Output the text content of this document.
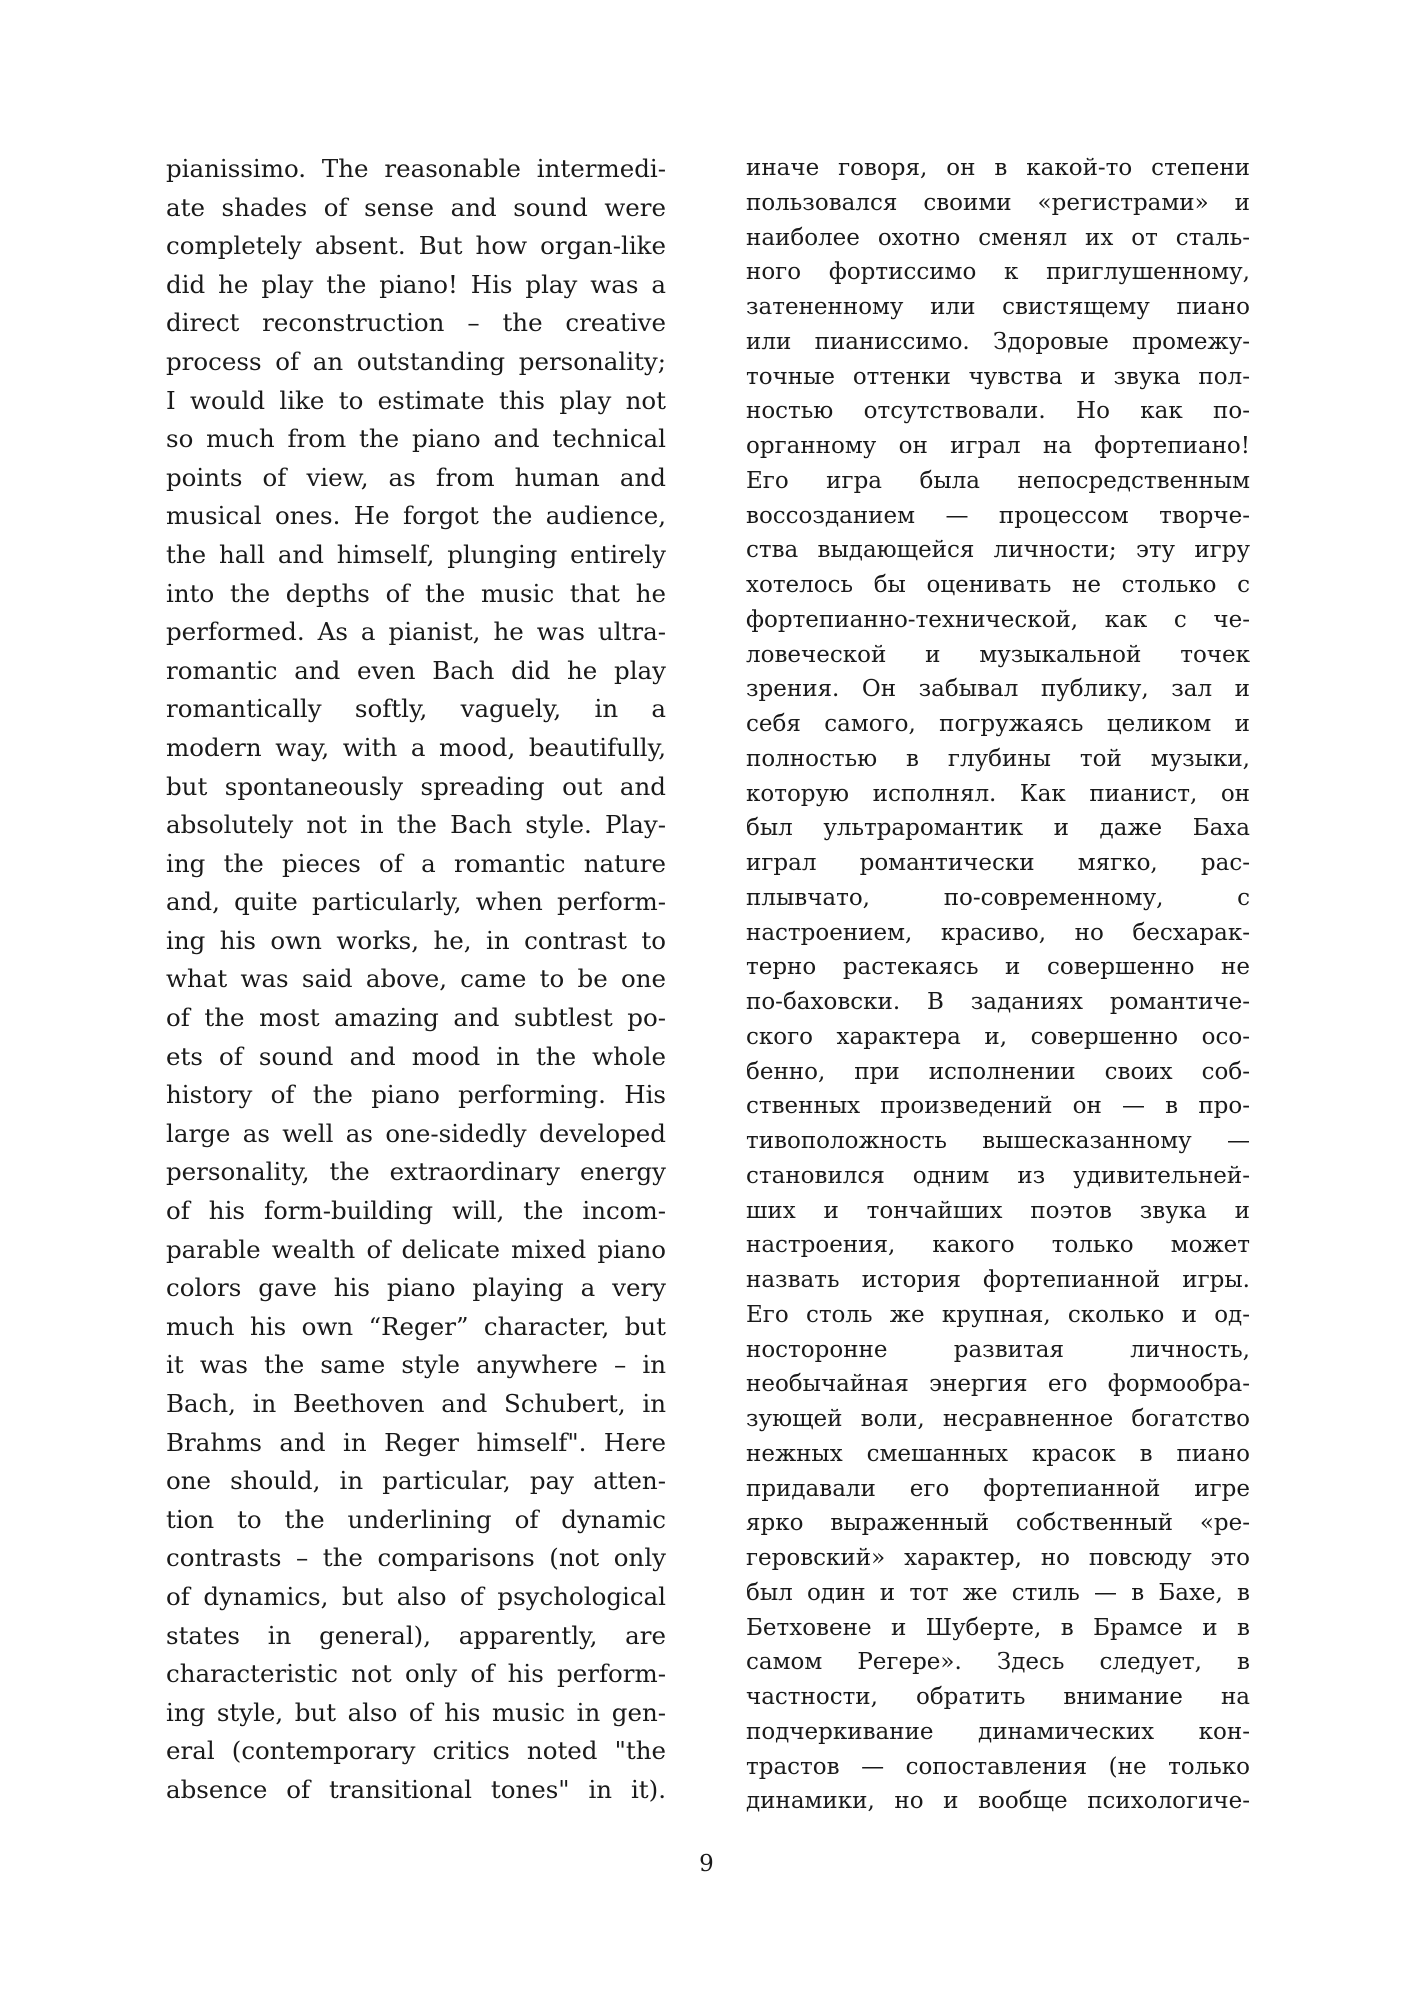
pianissimo. The reasonable intermedi-
ate shades of sense and sound were
completely absent. But how organ-like
did he play the piano! His play was a
direct reconstruction – the creative
process of an outstanding personality;
I would like to estimate this play not
so much from the piano and technical
points of view, as from human and
musical ones. He forgot the audience,
the hall and himself, plunging entirely
into the depths of the music that he
performed. As a pianist, he was ultra-
romantic and even Bach did he play
romantically softly, vaguely, in a
modern way, with a mood, beautifully,
but spontaneously spreading out and
absolutely not in the Bach style. Play-
ing the pieces of a romantic nature
and, quite particularly, when perform-
ing his own works, he, in contrast to
what was said above, came to be one
of the most amazing and subtlest po-
ets of sound and mood in the whole
history of the piano performing. His
large as well as one-sidedly developed
personality, the extraordinary energy
of his form-building will, the incom-
parable wealth of delicate mixed piano
colors gave his piano playing a very
much his own “Reger” character, but
it was the same style anywhere – in
Bach, in Beethoven and Schubert, in
Brahms and in Reger himself". Here
one should, in particular, pay atten-
tion to the underlining of dynamic
contrasts – the comparisons (not only
of dynamics, but also of psychological
states in general), apparently, are
characteristic not only of his perform-
ing style, but also of his music in gen-
eral (contemporary critics noted "the
absence of transitional tones" in it).
иначе говоря, он в какой-то степени
пользовался своими «регистрами» и
наиболее охотно сменял их от сталь-
ного фортиссимо к приглушенному,
затененному или свистящему пиано
или пианиссимо. Здоровые промежу-
точные оттенки чувства и звука пол-
ностью отсутствовали. Но как по-
органному он играл на фортепиано!
Его игра была непосредственным
воссозданием — процессом творче-
ства выдающейся личности; эту игру
хотелось бы оценивать не столько с
фортепианно-технической, как с че-
ловеческой и музыкальной точек
зрения. Он забывал публику, зал и
себя самого, погружаясь целиком и
полностью в глубины той музыки,
которую исполнял. Как пианист, он
был ультраромантик и даже Баха
играл романтически мягко, рас-
плывчато, по-современному, с
настроением, красиво, но бесхарак-
терно растекаясь и совершенно не
по-баховски. В заданиях романтиче-
ского характера и, совершенно осо-
бенно, при исполнении своих соб-
ственных произведений он — в про-
тивоположность вышесказанному —
становился одним из удивительней-
ших и тончайших поэтов звука и
настроения, какого только может
назвать история фортепианной игры.
Его столь же крупная, сколько и од-
носторонне развитая личность,
необычайная энергия его формообра-
зующей воли, несравненное богатство
нежных смешанных красок в пиано
придавали его фортепианной игре
ярко выраженный собственный «ре-
геровский» характер, но повсюду это
был один и тот же стиль — в Бахе, в
Бетховене и Шуберте, в Брамсе и в
самом Регере». Здесь следует, в
частности, обратить внимание на
подчеркивание динамических кон-
трастов — сопоставления (не только
динамики, но и вообще психологиче-
9
